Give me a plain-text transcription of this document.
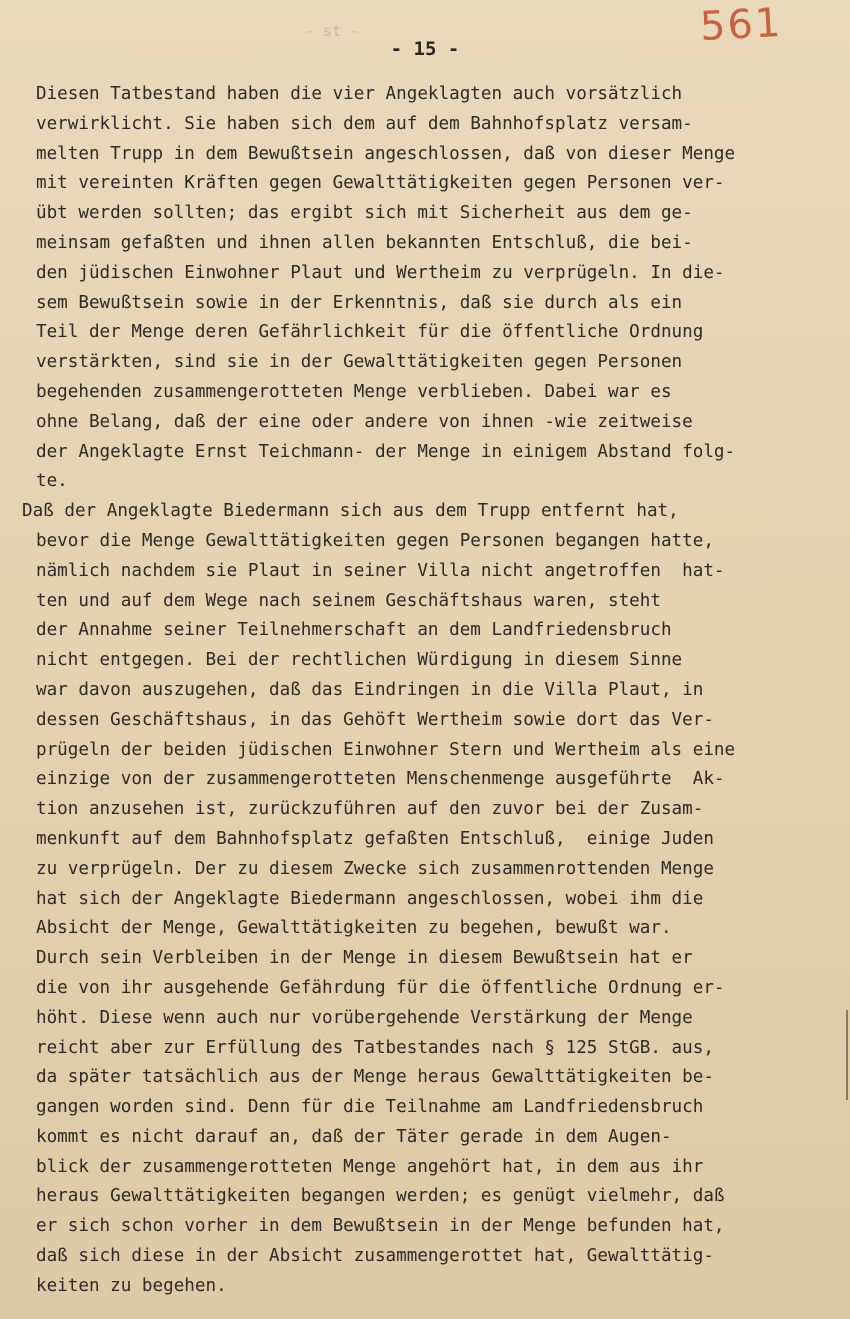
561
- st -
- 15 -
Diesen Tatbestand haben die vier Angeklagten auch vorsätzlich
verwirklicht. Sie haben sich dem auf dem Bahnhofsplatz versam-
melten Trupp in dem Bewußtsein angeschlossen, daß von dieser Menge
mit vereinten Kräften gegen Gewalttätigkeiten gegen Personen ver-
übt werden sollten; das ergibt sich mit Sicherheit aus dem ge-
meinsam gefaßten und ihnen allen bekannten Entschluß, die bei-
den jüdischen Einwohner Plaut und Wertheim zu verprügeln. In die-
sem Bewußtsein sowie in der Erkenntnis, daß sie durch als ein
Teil der Menge deren Gefährlichkeit für die öffentliche Ordnung
verstärkten, sind sie in der Gewalttätigkeiten gegen Personen
begehenden zusammengerotteten Menge verblieben. Dabei war es
ohne Belang, daß der eine oder andere von ihnen -wie zeitweise
der Angeklagte Ernst Teichmann- der Menge in einigem Abstand folg-
te.
Daß der Angeklagte Biedermann sich aus dem Trupp entfernt hat,
bevor die Menge Gewalttätigkeiten gegen Personen begangen hatte,
nämlich nachdem sie Plaut in seiner Villa nicht angetroffen  hat-
ten und auf dem Wege nach seinem Geschäftshaus waren, steht
der Annahme seiner Teilnehmerschaft an dem Landfriedensbruch
nicht entgegen. Bei der rechtlichen Würdigung in diesem Sinne
war davon auszugehen, daß das Eindringen in die Villa Plaut, in
dessen Geschäftshaus, in das Gehöft Wertheim sowie dort das Ver-
prügeln der beiden jüdischen Einwohner Stern und Wertheim als eine
einzige von der zusammengerotteten Menschenmenge ausgeführte  Ak-
tion anzusehen ist, zurückzuführen auf den zuvor bei der Zusam-
menkunft auf dem Bahnhofsplatz gefaßten Entschluß,  einige Juden
zu verprügeln. Der zu diesem Zwecke sich zusammenrottenden Menge
hat sich der Angeklagte Biedermann angeschlossen, wobei ihm die
Absicht der Menge, Gewalttätigkeiten zu begehen, bewußt war.
Durch sein Verbleiben in der Menge in diesem Bewußtsein hat er
die von ihr ausgehende Gefährdung für die öffentliche Ordnung er-
höht. Diese wenn auch nur vorübergehende Verstärkung der Menge
reicht aber zur Erfüllung des Tatbestandes nach § 125 StGB. aus,
da später tatsächlich aus der Menge heraus Gewalttätigkeiten be-
gangen worden sind. Denn für die Teilnahme am Landfriedensbruch
kommt es nicht darauf an, daß der Täter gerade in dem Augen-
blick der zusammengerotteten Menge angehört hat, in dem aus ihr
heraus Gewalttätigkeiten begangen werden; es genügt vielmehr, daß
er sich schon vorher in dem Bewußtsein in der Menge befunden hat,
daß sich diese in der Absicht zusammengerottet hat, Gewalttätig-
keiten zu begehen.
